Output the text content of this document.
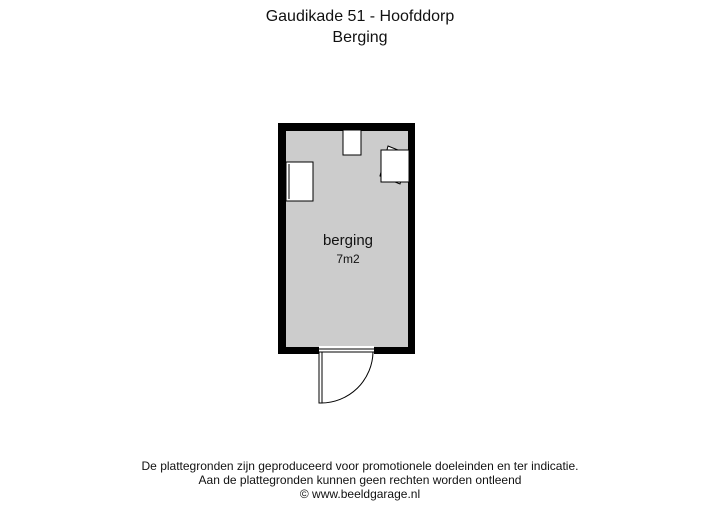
Gaudikade 51 - Hoofddorp
Berging
berging
7m2
De plattegronden zijn geproduceerd voor promotionele doeleinden en ter indicatie.
Aan de plattegronden kunnen geen rechten worden ontleend
© www.beeldgarage.nl
